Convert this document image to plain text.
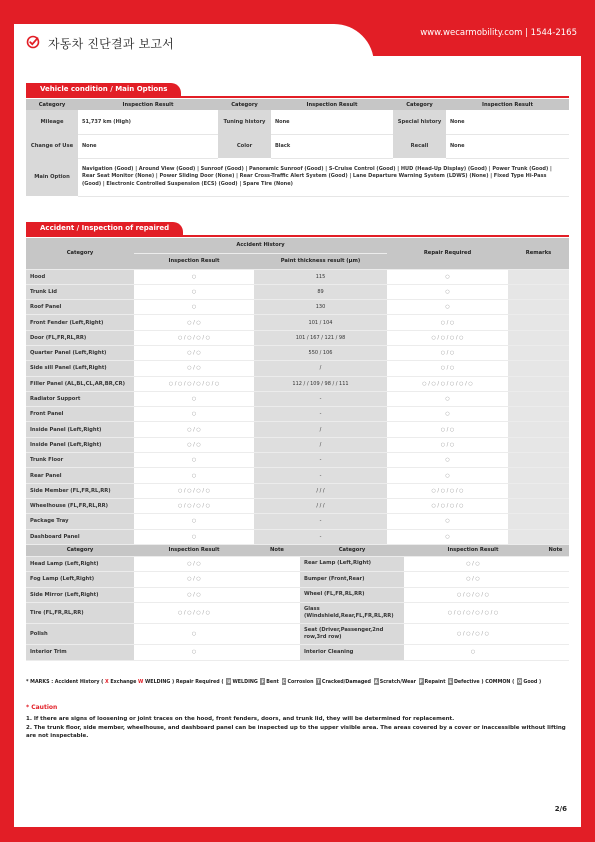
자동차 진단결과 보고서
www.wecarmobility.com | 1544-2165
Vehicle condition / Main Options
Category	Inspection Result	Category	Inspection Result	Category	Inspection Result
Mileage	51,737 km (High)	Tuning history	None	Special history	None
Change of Use	None	Color	Black	Recall	None
Main Option	Navigation (Good) | Around View (Good) | Sunroof (Good) | Panoramic Sunroof (Good) | S-Cruise Control (Good) | HUD (Head-Up Display) (Good) | Power Trunk (Good) | Rear Seat Monitor (None) | Power Sliding Door (None) | Rear Cross-Traffic Alert System (Good) | Lane Departure Warning System (LDWS) (None) | Fixed Type Hi-Pass (Good) | Electronic Controlled Suspension (ECS) (Good) | Spare Tire (None)				
Accident / Inspection of repaired
Category	Accident History		Repair Required	Remarks
	Inspection Result	Paint thickness result (μm)		
Hood	○	115	○	
Trunk Lid	○	89	○	
Roof Panel	○	130	○	
Front Fender (Left,Right)	○ / ○	101 / 104	○ / ○	
Door (FL,FR,RL,RR)	○ / ○ / ○ / ○	101 / 167 / 121 / 98	○ / ○ / ○ / ○	
Quarter Panel (Left,Right)	○ / ○	550 / 106	○ / ○	
Side sill Panel (Left,Right)	○ / ○	/	○ / ○	
Filler Panel (AL,BL,CL,AR,BR,CR)	○ / ○ / ○ / ○ / ○ / ○	112 / / 109 / 98 / / 111	○ / ○ / ○ / ○ / ○ / ○	
Radiator Support	○	-	○	
Front Panel	○	-	○	
Inside Panel (Left,Right)	○ / ○	/	○ / ○	
Inside Panel (Left,Right)	○ / ○	/	○ / ○	
Trunk Floor	○	-	○	
Rear Panel	○	-	○	
Side Member (FL,FR,RL,RR)	○ / ○ / ○ / ○	/ / /	○ / ○ / ○ / ○	
Wheelhouse (FL,FR,RL,RR)	○ / ○ / ○ / ○	/ / /	○ / ○ / ○ / ○	
Package Tray	○	-	○	
Dashboard Panel	○	-	○	
Category	Inspection Result	Note	Category	Inspection Result	Note
Head Lamp (Left,Right)	○ / ○		Rear Lamp (Left,Right)	○ / ○	
Fog Lamp (Left,Right)	○ / ○		Bumper (Front,Rear)	○ / ○	
Side Mirror (Left,Right)	○ / ○		Wheel (FL,FR,RL,RR)	○ / ○ / ○ / ○	
Tire (FL,FR,RL,RR)	○ / ○ / ○ / ○		Glass (Windshield,Rear,FL,FR,RL,RR)	○ / ○ / ○ / ○ / ○ / ○	
Polish	○		Seat (Driver,Passenger,2nd row,3rd row)	○ / ○ / ○ / ○	
Interior Trim	○		Interior Cleaning	○	
* MARKS : Accident History ( X Exchange W WELDING ) Repair Required ( U WELDING F Bent C Corrosion T Cracked/Damaged A Scratch/Wear P Repaint E Defective ) COMMON ( O Good )
* Caution
1. If there are signs of loosening or joint traces on the hood, front fenders, doors, and trunk lid, they will be determined for replacement.
2. The trunk floor, side member, wheelhouse, and dashboard panel can be inspected up to the upper visible area. The areas covered by a cover or inaccessible without lifting are not inspectable.
2/6
